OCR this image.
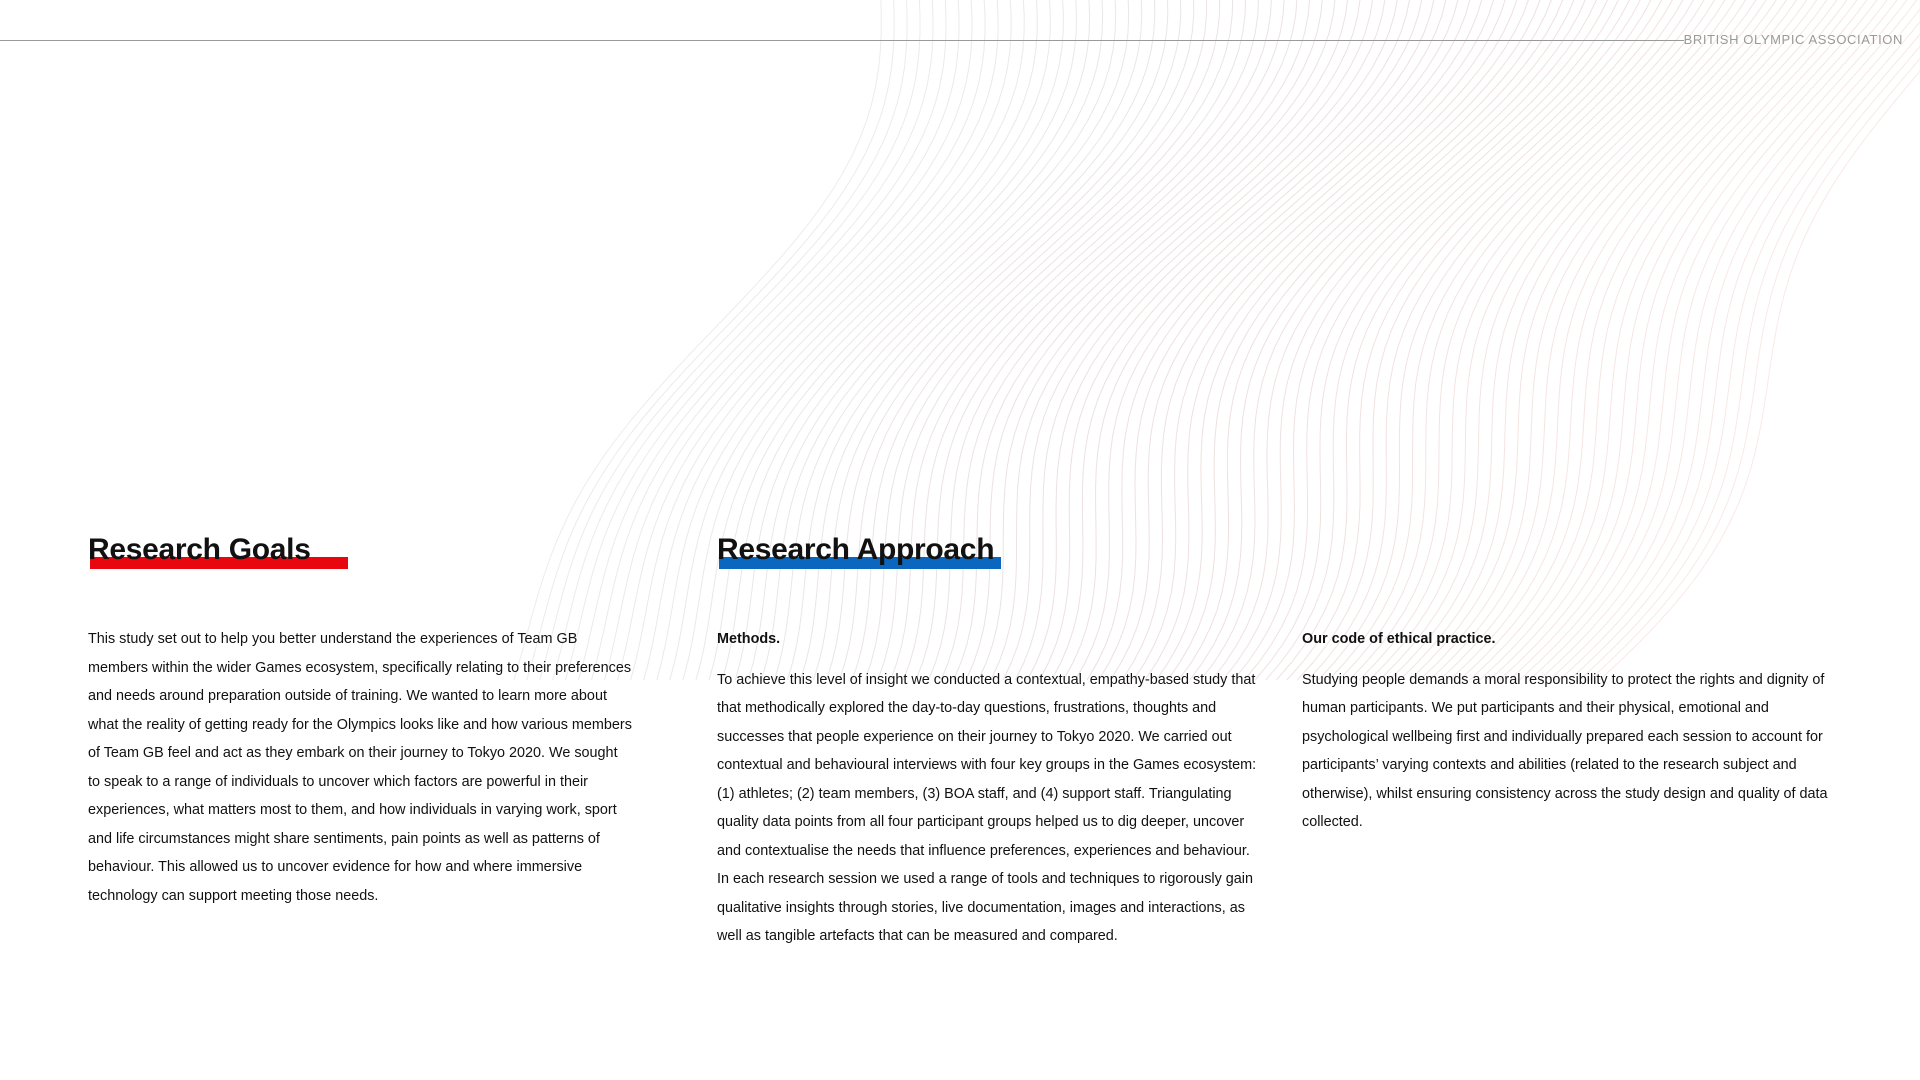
BRITISH OLYMPIC ASSOCIATION
Research Goals	Research Approach

This study set out to help you better understand the experiences of Team GB members within the wider Games ecosystem, specifically relating to their preferences and needs around preparation outside of training. We wanted to learn more about what the reality of getting ready for the Olympics looks like and how various members of Team GB feel and act as they embark on their journey to Tokyo 2020. We sought to speak to a range of individuals to uncover which factors are powerful in their experiences, what matters most to them, and how individuals in varying work, sport and life circumstances might share sentiments, pain points as well as patterns of behaviour. This allowed us to uncover evidence for how and where immersive technology can support meeting those needs.

Methods.

To achieve this level of insight we conducted a contextual, empathy-based study that that methodically explored the day-to-day questions, frustrations, thoughts and successes that people experience on their journey to Tokyo 2020. We carried out contextual and behavioural interviews with four key groups in the Games ecosystem: (1) athletes; (2) team members, (3) BOA staff, and (4) support staff. Triangulating quality data points from all four participant groups helped us to dig deeper, uncover and contextualise the needs that influence preferences, experiences and behaviour. In each research session we used a range of tools and techniques to rigorously gain qualitative insights through stories, live documentation, images and interactions, as well as tangible artefacts that can be measured and compared.

Our code of ethical practice.

Studying people demands a moral responsibility to protect the rights and dignity of human participants. We put participants and their physical, emotional and psychological wellbeing first and individually prepared each session to account for participants’ varying contexts and abilities (related to the research subject and otherwise), whilst ensuring consistency across the study design and quality of data collected.
